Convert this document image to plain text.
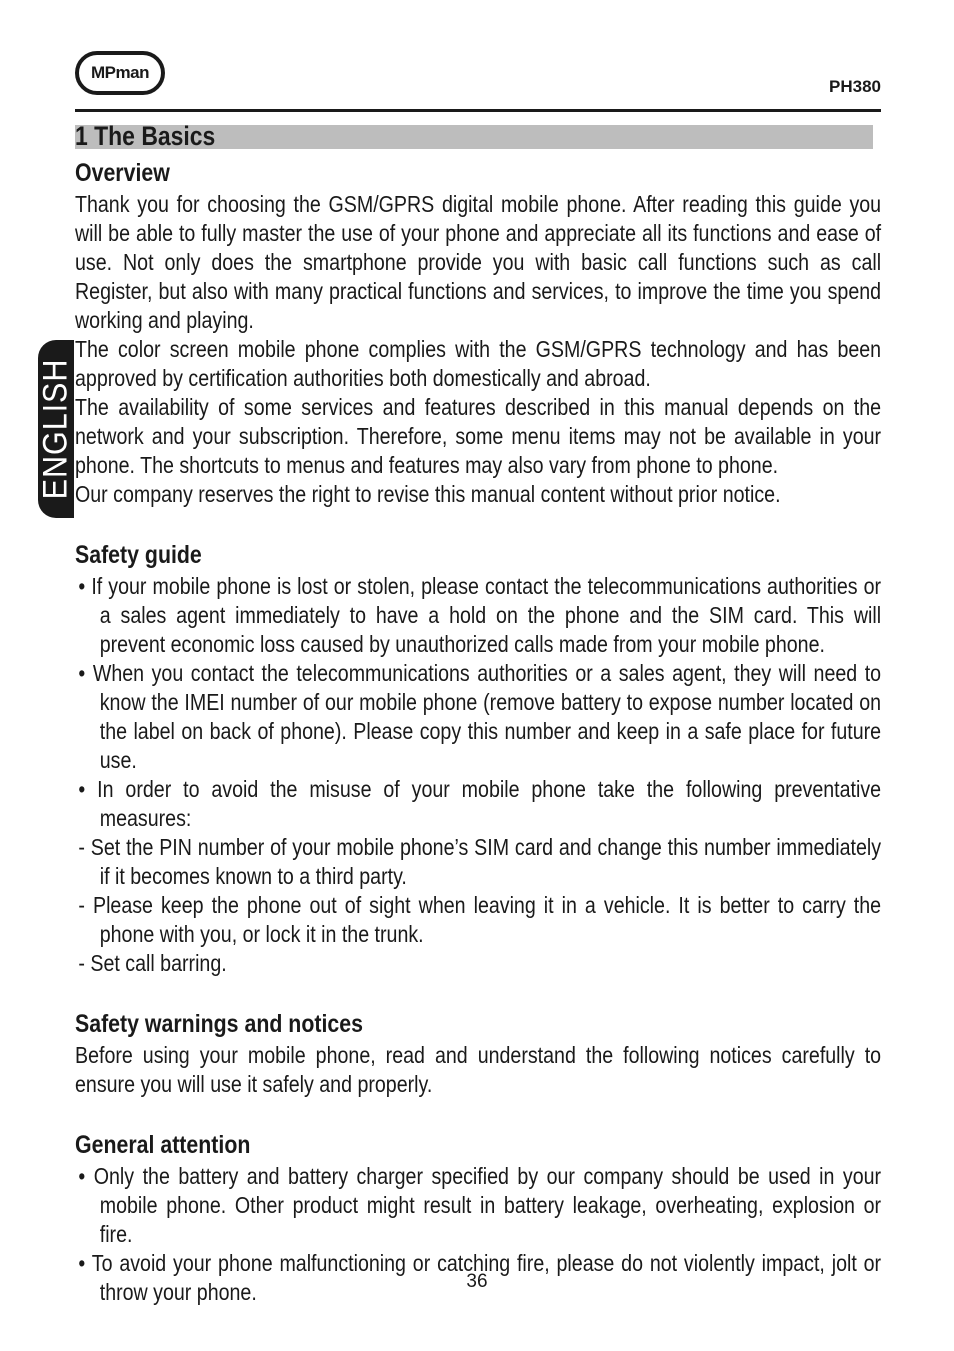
MPman
PH380
1 The Basics
ENGLISH
Overview

Thank you for choosing the GSM/GPRS digital mobile phone. After reading this guide you will be able to fully master the use of your phone and appreciate all its functions and ease of use. Not only does the smartphone provide you with basic call functions such as call Register, but also with many practical functions and services, to improve the time you spend working and playing.

The color screen mobile phone complies with the GSM/GPRS technology and has been approved by certification authorities both domestically and abroad.

The availability of some services and features described in this manual depends on the network and your subscription. Therefore, some menu items may not be available in your phone. The shortcuts to menus and features may also vary from phone to phone.

Our company reserves the right to revise this manual content without prior notice.

Safety guide

• If your mobile phone is lost or stolen, please contact the telecommunications authorities or a sales agent immediately to have a hold on the phone and the SIM card. This will prevent economic loss caused by unauthorized calls made from your mobile phone.

• When you contact the telecommunications authorities or a sales agent, they will need to know the IMEI number of our mobile phone (remove battery to expose number located on the label on back of phone). Please copy this number and keep in a safe place for future use.

• In order to avoid the misuse of your mobile phone take the following preventative measures:

- Set the PIN number of your mobile phone’s SIM card and change this number immediately if it becomes known to a third party.

- Please keep the phone out of sight when leaving it in a vehicle. It is better to carry the phone with you, or lock it in the trunk.

- Set call barring.

Safety warnings and notices

Before using your mobile phone, read and understand the following notices carefully to ensure you will use it safely and properly.

General attention

• Only the battery and battery charger specified by our company should be used in your mobile phone. Other product might result in battery leakage, overheating, explosion or fire.

• To avoid your phone malfunctioning or catching fire, please do not violently impact, jolt or throw your phone.	36
